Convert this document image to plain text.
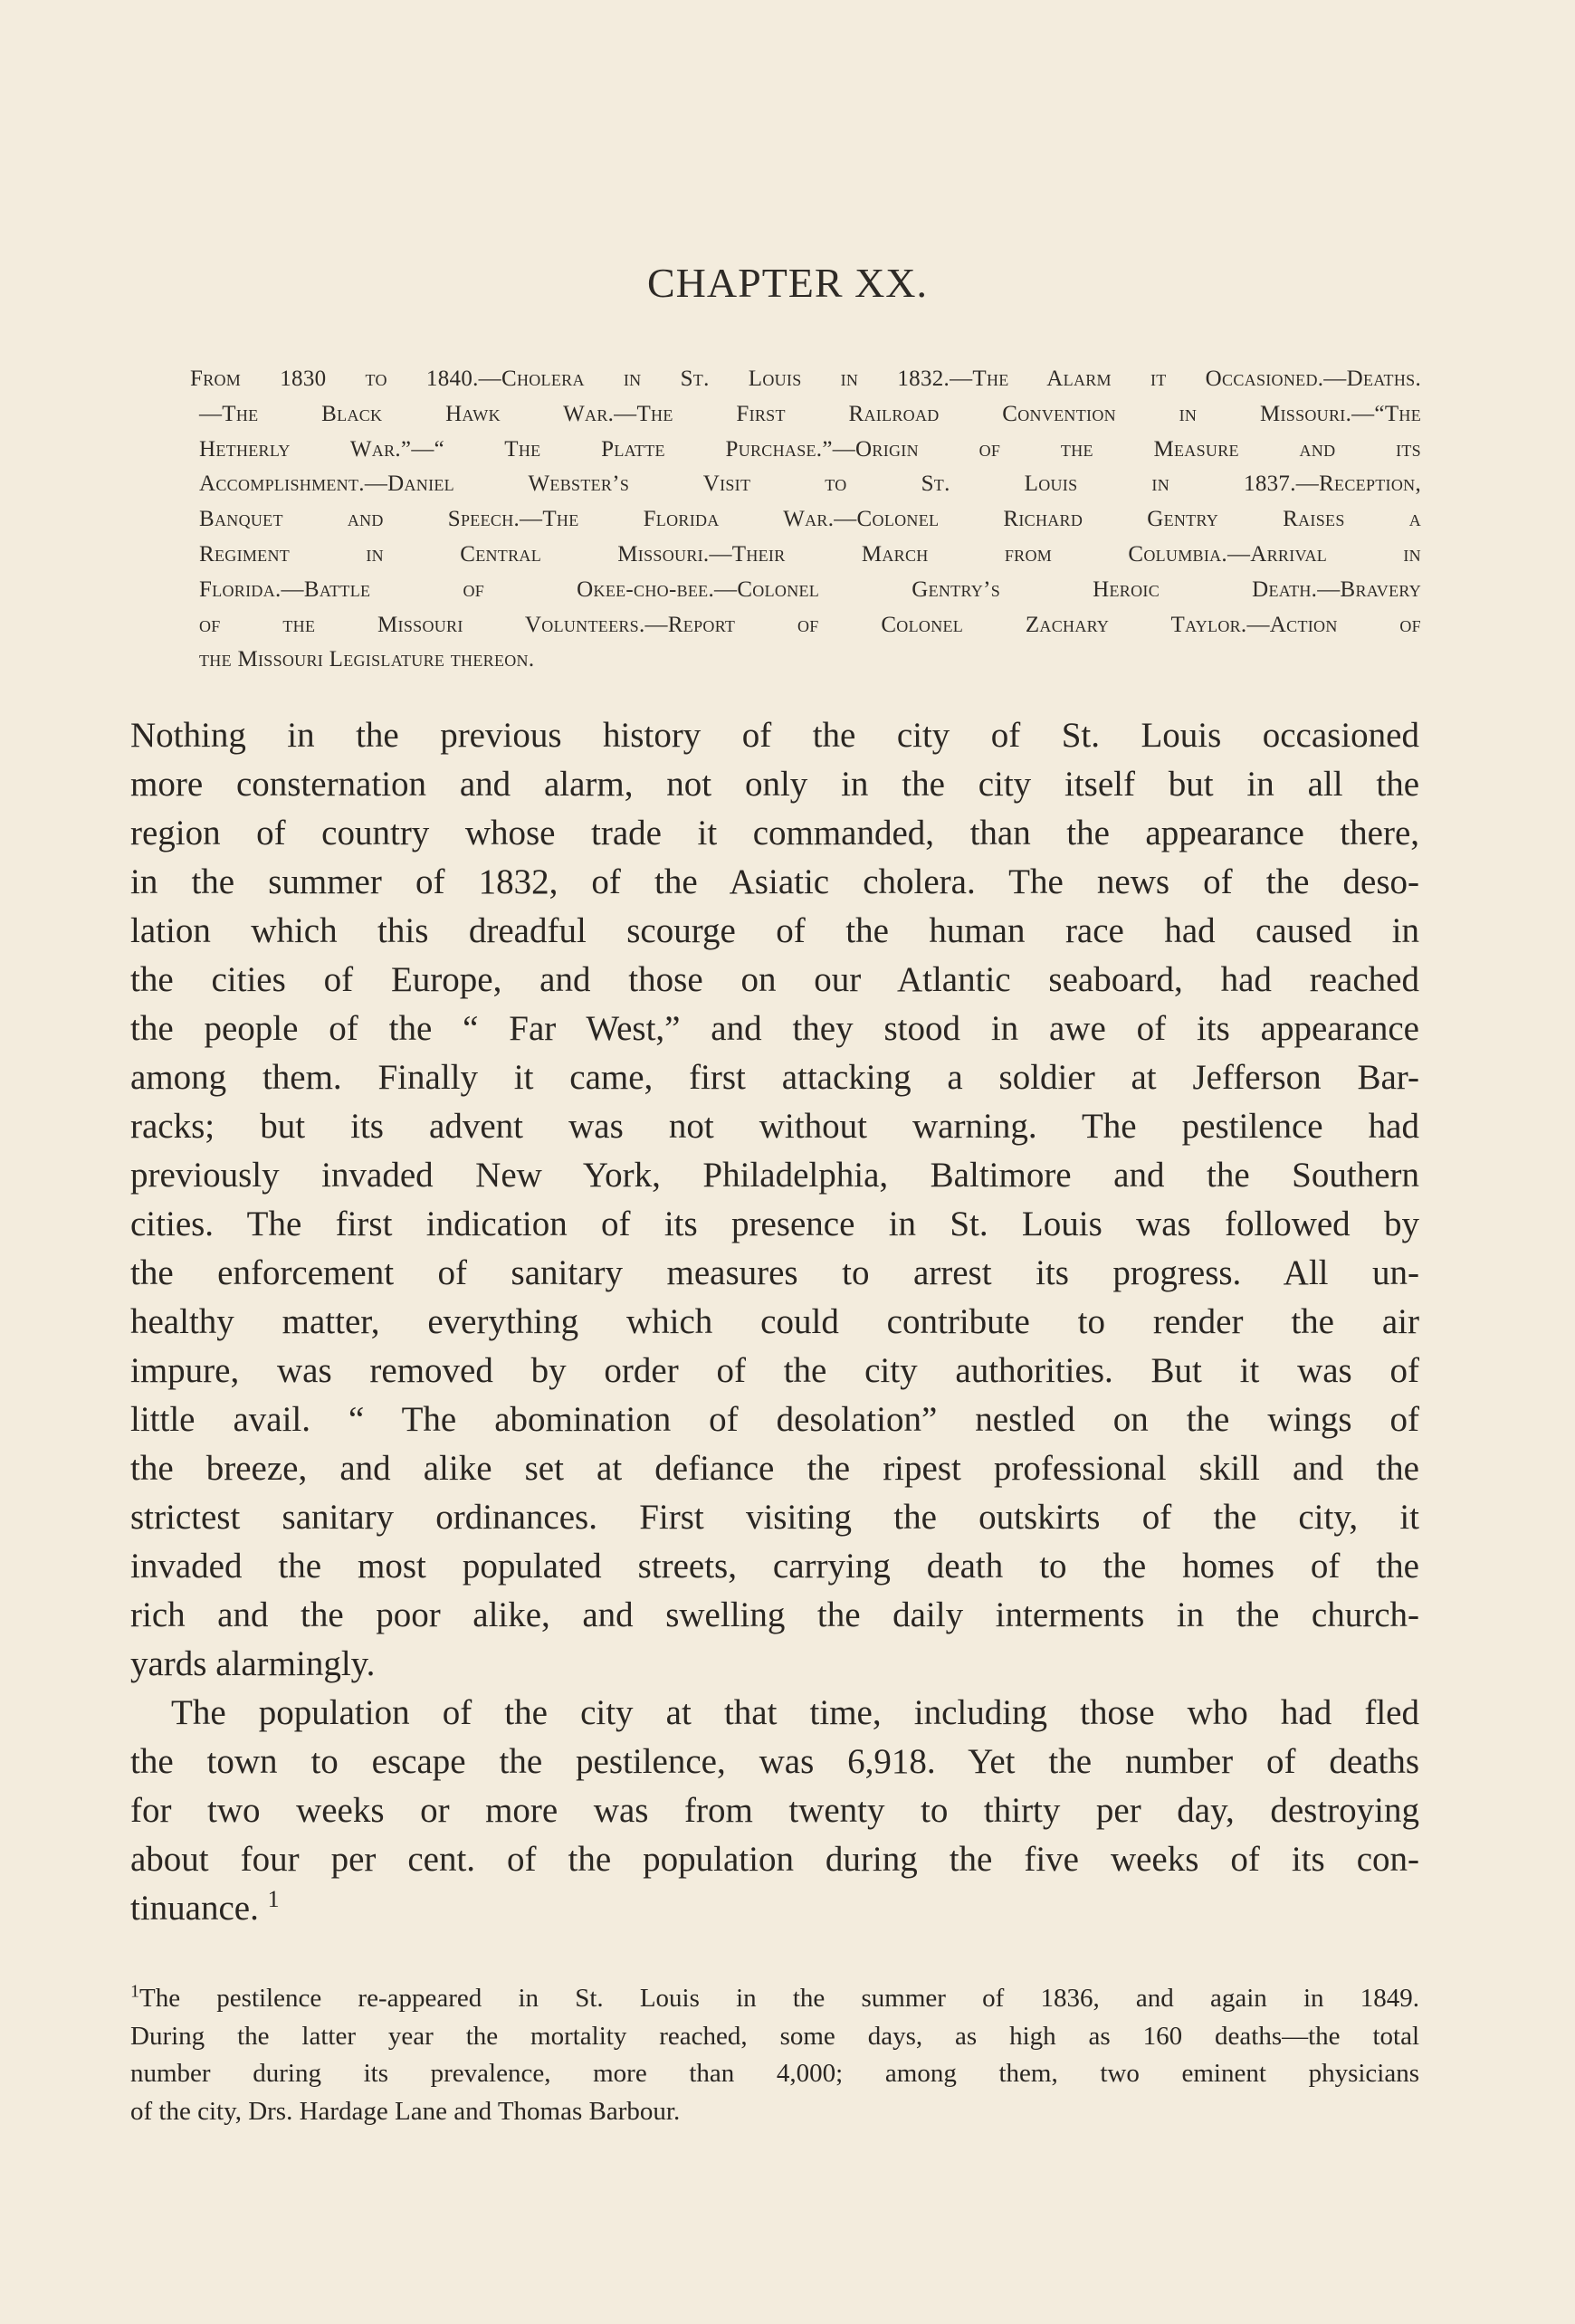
CHAPTER XX.
From 1830 to 1840.—Cholera in St. Louis in 1832.—The Alarm it Occasioned.—Deaths.
—The Black Hawk War.—The First Railroad Convention in Missouri.—“The
Hetherly War.”—“ The Platte Purchase.”—Origin of the Measure and its
Accomplishment.—Daniel Webster’s Visit to St. Louis in 1837.—Reception,
Banquet and Speech.—The Florida War.—Colonel Richard Gentry Raises a
Regiment in Central Missouri.—Their March from Columbia.—Arrival in
Florida.—Battle of Okee-cho-bee.—Colonel Gentry’s Heroic Death.—Bravery
of the Missouri Volunteers.—Report of Colonel Zachary Taylor.—Action of
the Missouri Legislature thereon.
Nothing in the previous history of the city of St. Louis occasioned
more consternation and alarm, not only in the city itself but in all the
region of country whose trade it commanded, than the appearance there,
in the summer of 1832, of the Asiatic cholera. The news of the deso-
lation which this dreadful scourge of the human race had caused in
the cities of Europe, and those on our Atlantic seaboard, had reached
the people of the “ Far West,” and they stood in awe of its appearance
among them. Finally it came, first attacking a soldier at Jefferson Bar-
racks; but its advent was not without warning. The pestilence had
previously invaded New York, Philadelphia, Baltimore and the Southern
cities. The first indication of its presence in St. Louis was followed by
the enforcement of sanitary measures to arrest its progress. All un-
healthy matter, everything which could contribute to render the air
impure, was removed by order of the city authorities. But it was of
little avail. “ The abomination of desolation” nestled on the wings of
the breeze, and alike set at defiance the ripest professional skill and the
strictest sanitary ordinances. First visiting the outskirts of the city, it
invaded the most populated streets, carrying death to the homes of the
rich and the poor alike, and swelling the daily interments in the church-
yards alarmingly.
The population of the city at that time, including those who had fled
the town to escape the pestilence, was 6,918. Yet the number of deaths
for two weeks or more was from twenty to thirty per day, destroying
about four per cent. of the population during the five weeks of its con-
tinuance. $^1$
$^1$The pestilence re-appeared in St. Louis in the summer of 1836, and again in 1849.
During the latter year the mortality reached, some days, as high as 160 deaths—the total
number during its prevalence, more than 4,000; among them, two eminent physicians
of the city, Drs. Hardage Lane and Thomas Barbour.
